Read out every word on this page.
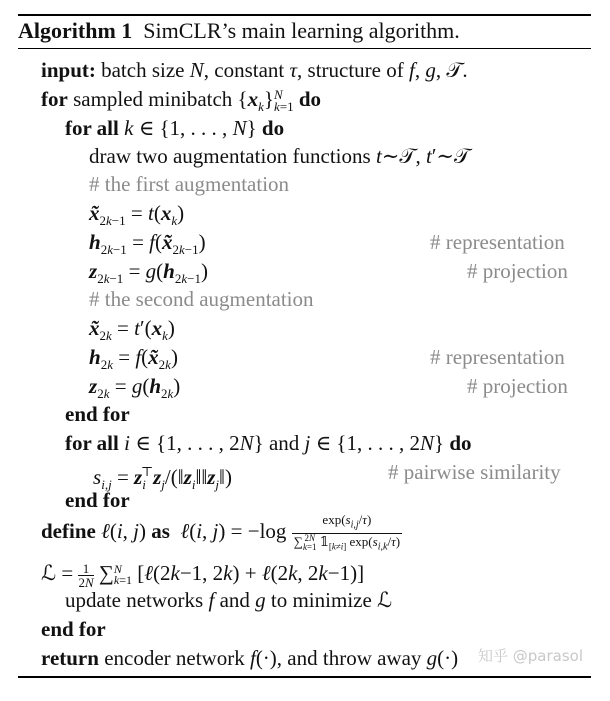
Algorithm 1 SimCLR’s main learning algorithm.
input: batch size N, constant τ, structure of f, g, 𝒯.
for sampled minibatch $\{x_k\}$ N
k=1 do
for all k ∈ {1, . . . , N} do
draw two augmentation functions t∼𝒯, t′∼𝒯
# the first augmentation
$x̃_{2k-1} = t(x_k)$
$h_{2k-1}$ = $f(x̃_{2k-1})$	# representation
$z_{2k-1} = g(h_{2k-1})$	# projection
# the second augmentation
$x̃_{2k} = t'(x_k)$
$h_{2k}$ = $f(x̃_{2k})$	# representation
$z_{2k} = g(h_{2k})$	# projection
end for
for all i ∈ {1, . . . , 2N} and j ∈ {1, . . . , 2N} do
$s_{i,j}$ = $z_i^⊤z_j/(‖z_i‖‖z_j‖)$	# pairwise similarity
end for
define ℓ(i, j) as ℓ(i, j) = −log $\exp(s_{i,j}/\tau)$
∑ 2N
k=1 $𝟙_{[k\ne i]}$ $\exp(s_{i,k}/\tau)$
ℒ = $\frac{1}{2N}$ ∑ N
k=1 [ℓ(2k−1, 2k) + ℓ(2k, 2k−1)]
update networks f and g to minimize ℒ
end for
return encoder network f(·), and throw away g(·) 知乎 @parasol
